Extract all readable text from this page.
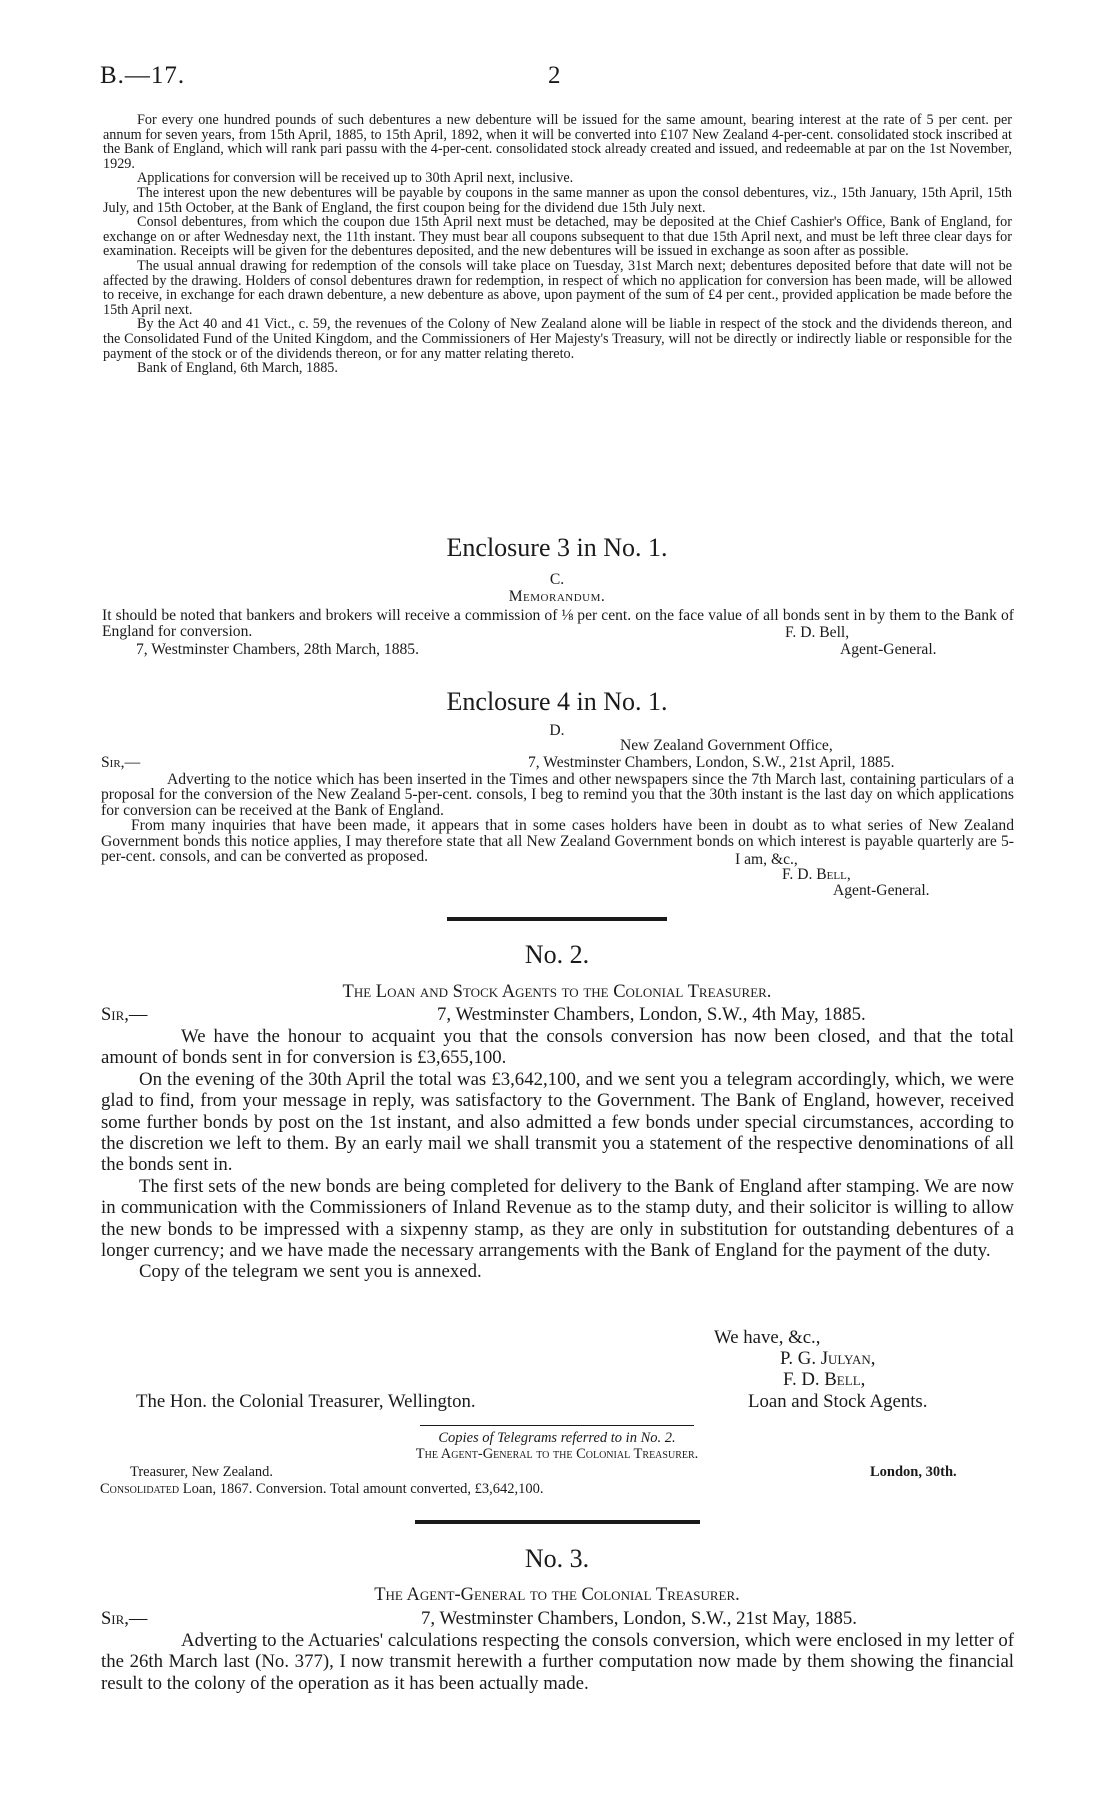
B.—17.	2

For every one hundred pounds of such debentures a new debenture will be issued for the same amount, bearing interest at the rate of 5 per cent. per annum for seven years, from 15th April, 1885, to 15th April, 1892, when it will be converted into £107 New Zealand 4-per-cent. consolidated stock inscribed at the Bank of England, which will rank pari passu with the 4-per-cent. consolidated stock already created and issued, and redeemable at par on the 1st November, 1929.

Applications for conversion will be received up to 30th April next, inclusive.

The interest upon the new debentures will be payable by coupons in the same manner as upon the consol debentures, viz., 15th January, 15th April, 15th July, and 15th October, at the Bank of England, the first coupon being for the dividend due 15th July next.

Consol debentures, from which the coupon due 15th April next must be detached, may be deposited at the Chief Cashier's Office, Bank of England, for exchange on or after Wednesday next, the 11th instant. They must bear all coupons subsequent to that due 15th April next, and must be left three clear days for examination. Receipts will be given for the debentures deposited, and the new debentures will be issued in exchange as soon after as possible.

The usual annual drawing for redemption of the consols will take place on Tuesday, 31st March next; debentures deposited before that date will not be affected by the drawing. Holders of consol debentures drawn for redemption, in respect of which no application for conversion has been made, will be allowed to receive, in exchange for each drawn debenture, a new debenture as above, upon payment of the sum of £4 per cent., provided application be made before the 15th April next.

By the Act 40 and 41 Vict., c. 59, the revenues of the Colony of New Zealand alone will be liable in respect of the stock and the dividends thereon, and the Consolidated Fund of the United Kingdom, and the Commissioners of Her Majesty's Treasury, will not be directly or indirectly liable or responsible for the payment of the stock or of the dividends thereon, or for any matter relating thereto.

Bank of England, 6th March, 1885.

Enclosure 3 in No. 1.
C.
Memorandum.
It should be noted that bankers and brokers will receive a commission of ⅛ per cent. on the face value of all bonds sent in by them to the Bank of England for conversion.	F. D. Bell,
7, Westminster Chambers, 28th March, 1885.	Agent-General.
Enclosure 4 in No. 1.
D.
New Zealand Government Office,
Sir,—	7, Westminster Chambers, London, S.W., 21st April, 1885.

Adverting to the notice which has been inserted in the Times and other newspapers since the 7th March last, containing particulars of a proposal for the conversion of the New Zealand 5-per-cent. consols, I beg to remind you that the 30th instant is the last day on which applications for conversion can be received at the Bank of England.

From many inquiries that have been made, it appears that in some cases holders have been in doubt as to what series of New Zealand Government bonds this notice applies, I may therefore state that all New Zealand Government bonds on which interest is payable quarterly are 5-per-cent. consols, and can be converted as proposed.	I am, &c.,
F. D. Bell,
Agent-General.
No. 2.
The Loan and Stock Agents to the Colonial Treasurer.
Sir,—	7, Westminster Chambers, London, S.W., 4th May, 1885.

We have the honour to acquaint you that the consols conversion has now been closed, and that the total amount of bonds sent in for conversion is £3,655,100.

On the evening of the 30th April the total was £3,642,100, and we sent you a telegram accordingly, which, we were glad to find, from your message in reply, was satisfactory to the Government. The Bank of England, however, received some further bonds by post on the 1st instant, and also admitted a few bonds under special circumstances, according to the discretion we left to them. By an early mail we shall transmit you a statement of the respective denominations of all the bonds sent in.

The first sets of the new bonds are being completed for delivery to the Bank of England after stamping. We are now in communication with the Commissioners of Inland Revenue as to the stamp duty, and their solicitor is willing to allow the new bonds to be impressed with a sixpenny stamp, as they are only in substitution for outstanding debentures of a longer currency; and we have made the necessary arrangements with the Bank of England for the payment of the duty.

Copy of the telegram we sent you is annexed.

We have, &c.,
P. G. Julyan,
F. D. Bell,
The Hon. the Colonial Treasurer, Wellington.	Loan and Stock Agents.
Copies of Telegrams referred to in No. 2.
The Agent-General to the Colonial Treasurer.
Treasurer, New Zealand.	London, 30th.
Consolidated Loan, 1867. Conversion. Total amount converted, £3,642,100.
No. 3.
The Agent-General to the Colonial Treasurer.
Sir,—	7, Westminster Chambers, London, S.W., 21st May, 1885.

Adverting to the Actuaries' calculations respecting the consols conversion, which were enclosed in my letter of the 26th March last (No. 377), I now transmit herewith a further computation now made by them showing the financial result to the colony of the operation as it has been actually made.
